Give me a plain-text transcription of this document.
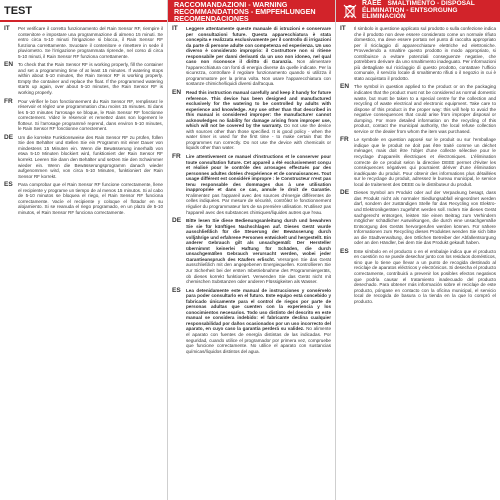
TEST
IT	Per verificare il corretto funzionamento del Rain Sensor RF, riempire il contenitore e impostare una programmazione di almeno 15 minuti. Se entro circa 5-10 minuti l'irrigazione si blocca, il Rain Sensor RF funziona correttamente. Svuotare il contenitore e rimettere in sede il pluviometro. Se l'irrigazione programmata riprende, nel corso di circa 5-10 minuti, il Rain Sensor RF funziona correttamente.
EN	To check that the Rain Sensor RF is working properly, fill the container and set a programming time of at least 15 minutes. If watering stops within about 5-10 minutes, the Rain Sensor RF is working properly. Empty the container and replace the float. If the programmed watering starts up again, over about 5-10 minutes, the Rain Sensor RF is working properly.
FR	Pour vérifier le bon fonctionnement du Rain Sensor RF, remplissez le réservoir et réglez une programmation d'au moins 15 minutes. Si dans les 5-10 minutes l'arrosage se bloque, le Rain Sensor RF fonctionne correctement. Videz le réservoir et remettez dans son logement le flotteur. Si l'arrosage programmé reprend, dans environ 5-10 minutes, le Rain Sensor RF fonctionne correctement.
DE	Um die korrekte Funktionsweise des Rain Sensor RF zu prüfen, füllen Sie den Behälter und stellen Sie ein Programm mit einer Dauer von mindestens 15 Minuten ein. Wenn die Bewässerung innerhalb von etwa 5-10 Minuten blockiert wird, funktioniert der Rain Sensor RF korrekt. Leeren Sie dann den Behälter und setzen Sie den Schwimmer wieder ein. Wenn die Bewässerungsprogramm danach wieder aufgenommen wird, von circa 5-10 Minuten, funktioniert der Rain Sensor RF korrekt.
ES	Para comprobar que el Rain Sensor RF funcione correctamente, llene el recipiente y programe un tiempo de al menos 15 minutos. Si al cabo de 5-10 minutos se bloquea el riego, el Rain Sensor RF funciona correctamente. Vacíe el recipiente y coloque el flotador en su alojamiento. Si se reanuda el riego programado, en un plazo de 5-10 minutos, el Rain Sensor RF funciona correctamente.
RACCOMANDAZIONI - WARNING RECOMMANDATIONS - EMPFEHLUNGEN RECOMENDACIONES
IT	Leggere attentamente queste manuale di istruzioni e conservare per consultazioni future. Questa apparecchiatura è stata concepita e realizzata esclusivamente per il controllo di irrigazioni da parte di persone adulte con competenza ed esperienza. Un uso diverso è considerato improprio: il Costruttore non si ritiene responsabile per danni derivanti da un uso non idoneo, nel qual caso non riconosce il diritto di Garanzia. Non alimentare l'apparecchiatura con fonti di energia diverse da quelle indicate. Per la sicurezza, controllare il regolare funzionamento quando si utilizza il programmatore per la prima volta. Non usare l'apparecchiatura con sostanze chimiche/liquidi diversi dall'acqua.
EN	Read this instruction manual carefully and keep it handy for future reference. This device has been designed and manufactured exclusively for the watering to be controlled by adults with experience and knowledge. Any use other than that described in this manual is considered improper: the manufacturer cannot acknowledges no liability for damage arising from improper use, which will not be covered by the warranty. Do not use the device with sources other than those specified. It is good policy - when the water timer is used for the first time - to make certain that the programmes run correctly. Do not use the device with chemicals or liquids other than water.
FR	Lire attentivement ce manuel d'instructions et le conserver pour toute consultation future. Cet appareil a été exclusivement conçu et réalisé pour le contrôle des arrosages effectués par des personnes adultes dotées d'expérience et de connaissances. Tout usage différent est considéré impropre : le Constructeur n'est pas tenu responsable des dommages dus à une utilisation inappropriée et dans ce cas, annule le droit de Garantie. N'alimentez pas l'appareil avec des sources d'énergie différentes de celles indiquées. Par mesure de sécurité, contrôlez le fonctionnement régulier du programmateur lors de sa première utilisation. N'utilisez pas l'appareil avec des substances chimiques/liquides autres que l'eau.
DE	Bitte lesen Sie diese Bedienungsanleitung durch und bewahren Sie sie für künftiges Nachschlagen auf. Dieses Gerät wurde ausschließlich für die Steuerung der Bewässerung durch volljährige und erfahrene Personen entwickelt und hergestellt. Ein anderer Gebrauch gilt als unsachgemäß: Der Hersteller übernimmt keinerlei Haftung für Schäden, die durch unsachgemäßen Gebrauch verursacht werden, wobei jeder Garantieanspruch des Käufers erlischt. Versorgen Sie das Gerät ausschließlich mit den angegebenen Energiequellen. Kontrollieren Sie zur Sicherheit bei der ersten Inbetriebnahme des Programmiergeräts, ob dieses korrekt funktioniert. Verwenden Sie das Gerät nicht mit chemischen Substanzen oder anderen Flüssigkeiten als Wasser.
ES	Lea detenidamente este manual de instrucciones y consérvelo para poder consultarlo en el futuro. Este equipo está concebido y fabricado únicamente para el control de riegos por parte de personas adultas que cuenten con la experiencia y los conocimientos necesarios. Todo uso distinto del descrito en este manual se considera indebido: el fabricante declina cualquier responsabilidad por daños ocasionados por un uso incorrecto del aparato, en cuyo caso la garantía perderá su validez. No alimente el aparato con fuentes de energía distintas de las indicadas. Por seguridad, cuando utilice el programador por primera vez, compruebe que funcione correctamente. No utilice el aparato con sustancias químicas/líquidos distintos del agua.
RAEE SMALTIMENTO - DISPOSAL ÉLIMINATION - ENTSORGUNG ELIMINACIÓN
IT	Il simbolo in questione applicato sul prodotto o sulla confezione indica che il prodotto non deve essere considerato come un normale rifiuto domestico, ma deve essere portato nel punto di raccolta appropriato per il riciclaggio di apparecchiature elettriche ed elettroniche. Provvedendo a smaltire questo prodotto in modo appropriato, si contribuisce a evitare potenziali conseguenze negative, che potrebbero derivare da uno smaltimento inadeguato. Per informazioni più dettagliate sul riciclaggio di questo prodotto, contattare l'ufficio comunale, il servizio locale di smaltimento rifiuti o il negozio in cui è stato acquistato il prodotto.
EN	The symbol in question applied to the product or on the packaging indicates that the product must not be considered as normal domestic waste, but must be taken to a special centre for the collection and recycling of waste electrical and electronic equipment. Take care to dispose of this product in the proper way: this will help to avoid the negative consequences that could arise from improper disposal or dumping. For more detailed information on the recycling of this product, contact the municipal authority, the local refuse collection service or the dealer from whom the item was purchased.
FR	Le symbole en question apposé sur le produit ou sur l'emballage indique que le produit ne doit pas être traité comme un déchet ménager, mais doit être l'objet d'une collecte sélective pour le recyclage d'appareils électriques et électroniques. L'élimination correcte de ce produit selon la directive DEEE permet d'éviter les conséquences négatives qui pourraient dériver d'une élimination inadéquate du produit. Pour obtenir des informations plus détaillées sur le recyclage du produit, adressez le bureau municipal, le service local de traitement des DEEE ou le distributeur du produit.
DE	Dieses Symbol am Produkt oder auf der Verpackung besagt, dass das Produkt nicht als normaler Siedlungsabfall eingeordnet werden darf, sondern der zuständigen Stelle für das Recycling von Elektro- und Elektronikgeräten zugeführt werden soll. Indem Sie dieses Gerät sachgerecht entsorgen, leisten Sie einen Beitrag zum Verhindern möglicher schädlicher Auswirkungen, die durch eine unsachgemäße Entsorgung des Geräts hervorgerufen werden können. Für nähere Informationen zum Recycling dieses Produktes wenden Sie sich bitte an die Stadtverwaltung, den örtlichen Betreiber der Abfallentsorgung oder an den Händler, bei dem Sie das Produkt gekauft haben.
ES	Este símbolo en el producto o en el embalaje indica que el producto en cuestión no se puede desechar junto con los residuos domésticos, sino que lo tiene que llevar a un punto de recogida destinado al reciclaje de aparatos eléctricos y electrónicos. Si desecha el producto correctamente, contribuirá a prevenir los posibles efectos negativos que podría causar el tratamiento inadecuado del producto desechado. Para obtener más información sobre el reciclaje de este producto, póngase en contacto con la oficina municipal, el servicio local de recogida de basura o la tienda en la que lo compró el producto.
